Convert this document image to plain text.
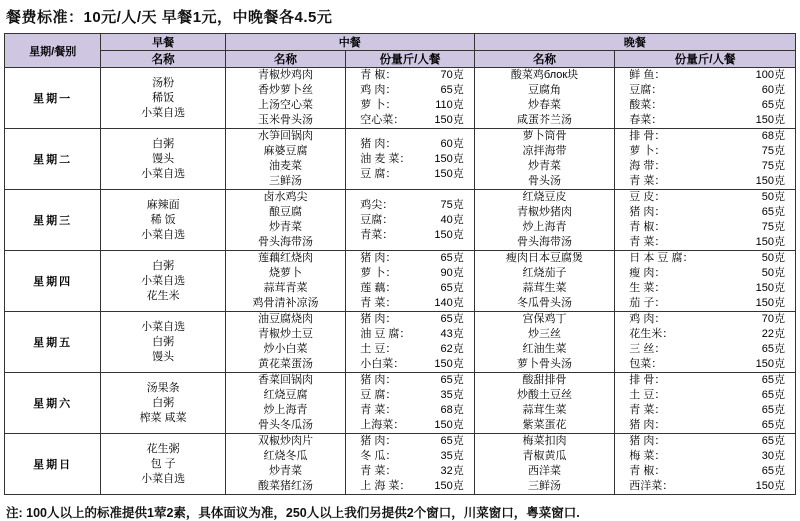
餐费标准：10元/人/天 早餐1元，中晚餐各4.5元
星期/餐别	早餐	中餐		晚餐	
	名称	名称	份量斤/人餐	名称	份量斤/人餐
星期一	
汤粉
稀饭
小菜自选

青椒炒鸡肉
香炒萝卜丝
上汤空心菜
玉米骨头汤

青 椒：	70克
鸡 肉：	65克
萝 卜：	110克
空心菜：	150克

酸菜鸡блок块
豆腐角
炒春菜
咸蛋芥兰汤

鲜 鱼：	100克
豆腐：	60克
酸菜：	65克
春菜：	150克

星期二	
白粥
馒头
小菜自选

水笋回锅肉
麻婆豆腐
油麦菜
三鲜汤

猪 肉：	60克
油 麦 菜： 150克
豆 腐：	150克

萝卜筒骨
凉拌海带
炒青菜
骨头汤

排 骨：	68克
萝 卜：	75克
海 带：	75克
青 菜：	150克

星期三	
麻辣面
稀 饭
小菜自选

卤水鸡尖
酿豆腐
炒青菜
骨头海带汤

鸡尖：	75克
豆腐：	40克
青菜：	150克

红烧豆皮
青椒炒猪肉
炒上海青
骨头海带汤

豆 皮：	50克
猪 肉：	65克
青 椒：	75克
青 菜：	150克

星期四	
白粥
小菜自选
花生米

莲藕红烧肉
烧萝卜
蒜茸青菜
鸡骨清补凉汤

猪 肉：	65克
萝 卜：	90克
莲 藕：	65克
青 菜：	140克

瘦肉日本豆腐煲
红烧茄子
蒜茸生菜
冬瓜骨头汤

日 本 豆 腐：	50克
瘦 肉：	50克
生 菜：	150克
茄 子：	150克

星期五	
小菜自选
白粥
馒头

油豆腐烧肉
青椒炒土豆
炒小白菜
黄花菜蛋汤

猪 肉：	65克
油 豆 腐：	43克
土 豆：	62克
小白菜：	150克

宫保鸡丁
炒三丝
红油生菜
萝卜骨头汤

鸡 肉：	70克
花生米：	22克
三 丝：	65克
包菜：	150克

星期六	
汤果条
白粥
榨菜 咸菜

香菜回锅肉
红烧豆腐
炒上海青
骨头冬瓜汤

猪 肉：	65克
豆 腐：	35克
青 菜：	68克
上海菜：	150克

酸甜排骨
炒酸土豆丝
蒜茸生菜
紫菜蛋花

排 骨：	65克
土 豆：	65克
青 菜：	65克
猪 肉：	65克

星期日	
花生粥
包 子
小菜自选

双椒炒肉片
红烧冬瓜
炒青菜
酸菜猪红汤

猪 肉：	65克
冬 瓜：	35克
青 菜：	32克
上 海 菜： 150克

梅菜扣肉
青椒黄瓜
西洋菜
三鲜汤

猪 肉：	65克
梅 菜：	30克
青 椒：	65克
西洋菜：	150克
注: 100人以上的标准提供1荤2素，具体面议为准，250人以上我们另提供2个窗口，川菜窗口，粤菜窗口.
